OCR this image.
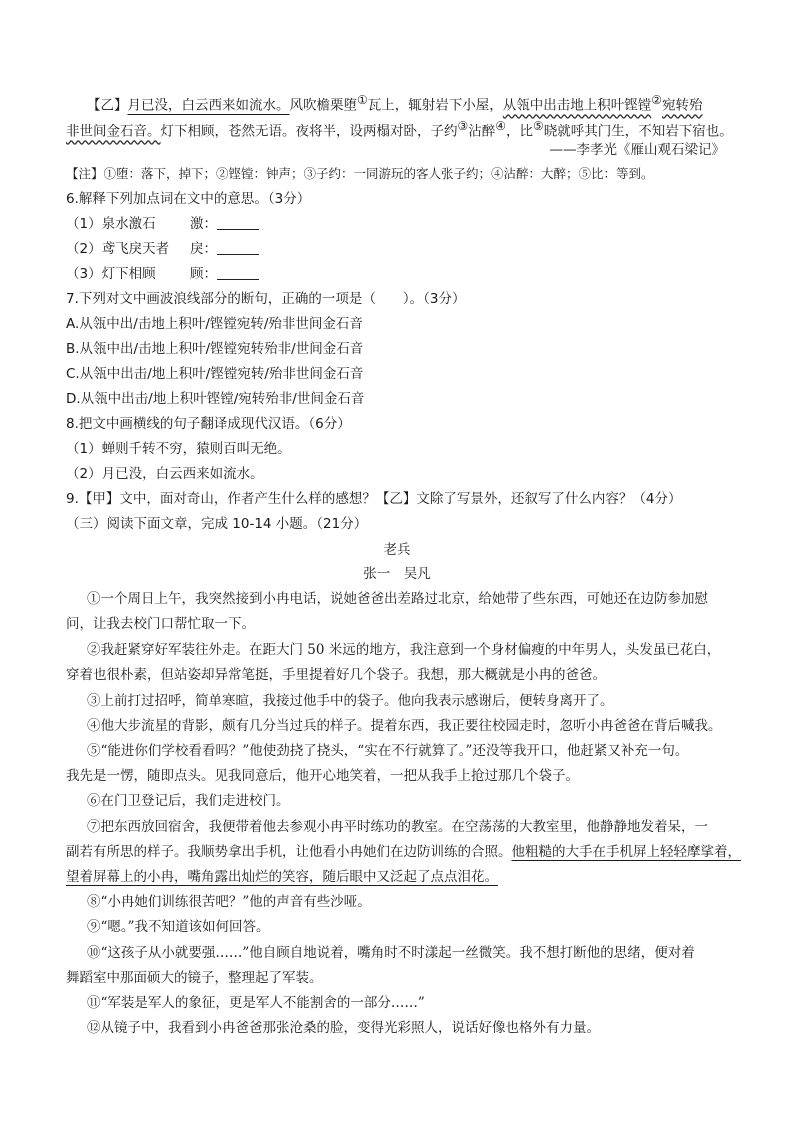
【乙】月已没，白云西来如流水。风吹檐栗堕①瓦上，辄射岩下小屋，从瓴中出击地上积叶铿镗②宛转殆
非世间金石音。灯下相顾，苍然无语。夜将半，设两榻对卧，子约③沾醉④，比⑤晓就呼其门生，不知岩下宿也。
——李孝光《雁山观石梁记》
【注】①堕：落下，掉下；②铿镗：钟声；③子约：一同游玩的客人张子约；④沾醉：大醉；⑤比：等到。
6.解释下列加点词在文中的意思。（3分）
（1）泉水激石	激：
（2）鸢飞戾天者 戾：
（3）灯下相顾	顾：
7.下列对文中画波浪线部分的断句，正确的一项是（　　）。（3分）
A.从瓴中出/击地上积叶/铿镗宛转/殆非世间金石音
B.从瓴中出/击地上积叶/铿镗宛转殆非/世间金石音
C.从瓴中出击/地上积叶/铿镗宛转/殆非世间金石音
D.从瓴中出击/地上积叶铿镗/宛转殆非/世间金石音
8.把文中画横线的句子翻译成现代汉语。（6分）
（1）蝉则千转不穷，猿则百叫无绝。
（2）月已没，白云西来如流水。
9.【甲】文中，面对奇山，作者产生什么样的感想？【乙】文除了写景外，还叙写了什么内容？（4分）
（三）阅读下面文章，完成 10-14 小题。（21分）
老兵
张一　吴凡
①一个周日上午，我突然接到小冉电话，说她爸爸出差路过北京，给她带了些东西，可她还在边防参加慰
问，让我去校门口帮忙取一下。
②我赶紧穿好军装往外走。在距大门 50 米远的地方，我注意到一个身材偏瘦的中年男人，头发虽已花白，
穿着也很朴素，但站姿却异常笔挺，手里提着好几个袋子。我想，那大概就是小冉的爸爸。
③上前打过招呼，简单寒暄，我接过他手中的袋子。他向我表示感谢后，便转身离开了。
④他大步流星的背影，颇有几分当过兵的样子。提着东西，我正要往校园走时，忽听小冉爸爸在背后喊我。
⑤“能进你们学校看看吗？”他使劲挠了挠头，“实在不行就算了。”还没等我开口，他赶紧又补充一句。
我先是一愣，随即点头。见我同意后，他开心地笑着，一把从我手上抢过那几个袋子。
⑥在门卫登记后，我们走进校门。
⑦把东西放回宿舍，我便带着他去参观小冉平时练功的教室。在空荡荡的大教室里，他静静地发着呆，一
副若有所思的样子。我顺势拿出手机，让他看小冉她们在边防训练的合照。他粗糙的大手在手机屏上轻轻摩挲着，
望着屏幕上的小冉，嘴角露出灿烂的笑容，随后眼中又泛起了点点泪花。
⑧“小冉她们训练很苦吧？”他的声音有些沙哑。
⑨“嗯。”我不知道该如何回答。
⑩“这孩子从小就要强……”他自顾自地说着，嘴角时不时漾起一丝微笑。我不想打断他的思绪，便对着
舞蹈室中那面硕大的镜子，整理起了军装。
⑪“军装是军人的象征，更是军人不能割舍的一部分……”
⑫从镜子中，我看到小冉爸爸那张沧桑的脸，变得光彩照人，说话好像也格外有力量。
